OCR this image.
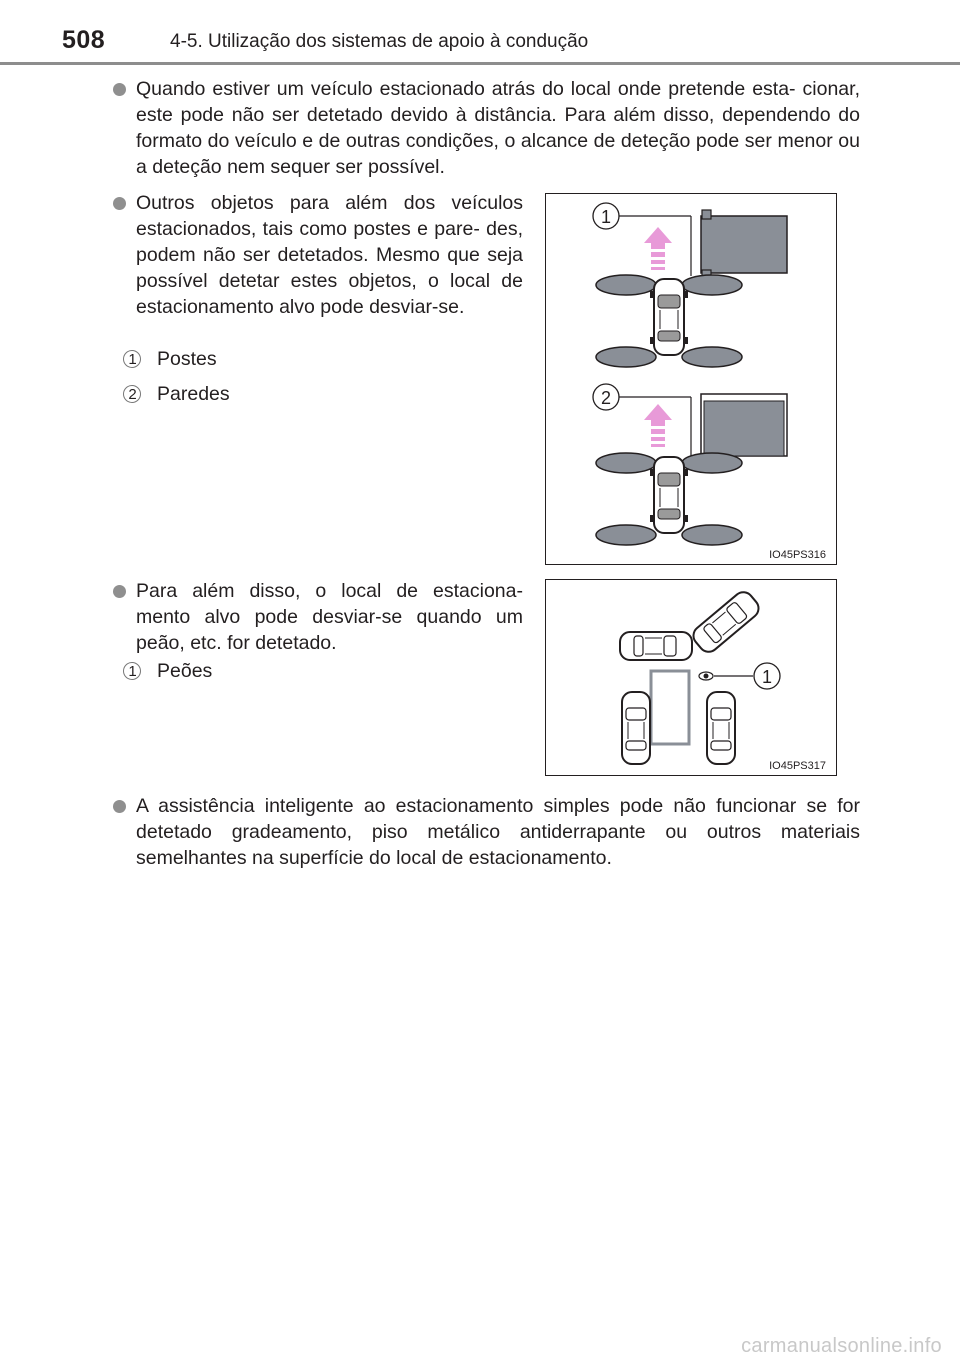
508	4-5. Utilização dos sistemas de apoio à condução
Quando estiver um veículo estacionado atrás do local onde pretende esta- cionar, este pode não ser detetado devido à distância. Para além disso, dependendo do formato do veículo e de outras condições, o alcance de deteção pode ser menor ou a deteção nem sequer ser possível.
Outros objetos para além dos veículos estacionados, tais como postes e pare- des, podem não ser detetados. Mesmo que seja possível detetar estes objetos, o local de estacionamento alvo pode desviar-se.
1 Postes
2 Paredes
1
2
IO45PS316
Para além disso, o local de estaciona- mento alvo pode desviar-se quando um peão, etc. for detetado.
1 Peões	1
IO45PS317
A assistência inteligente ao estacionamento simples pode não funcionar se for detetado gradeamento, piso metálico antiderrapante ou outros materiais semelhantes na superfície do local de estacionamento.
carmanualsonline.info
